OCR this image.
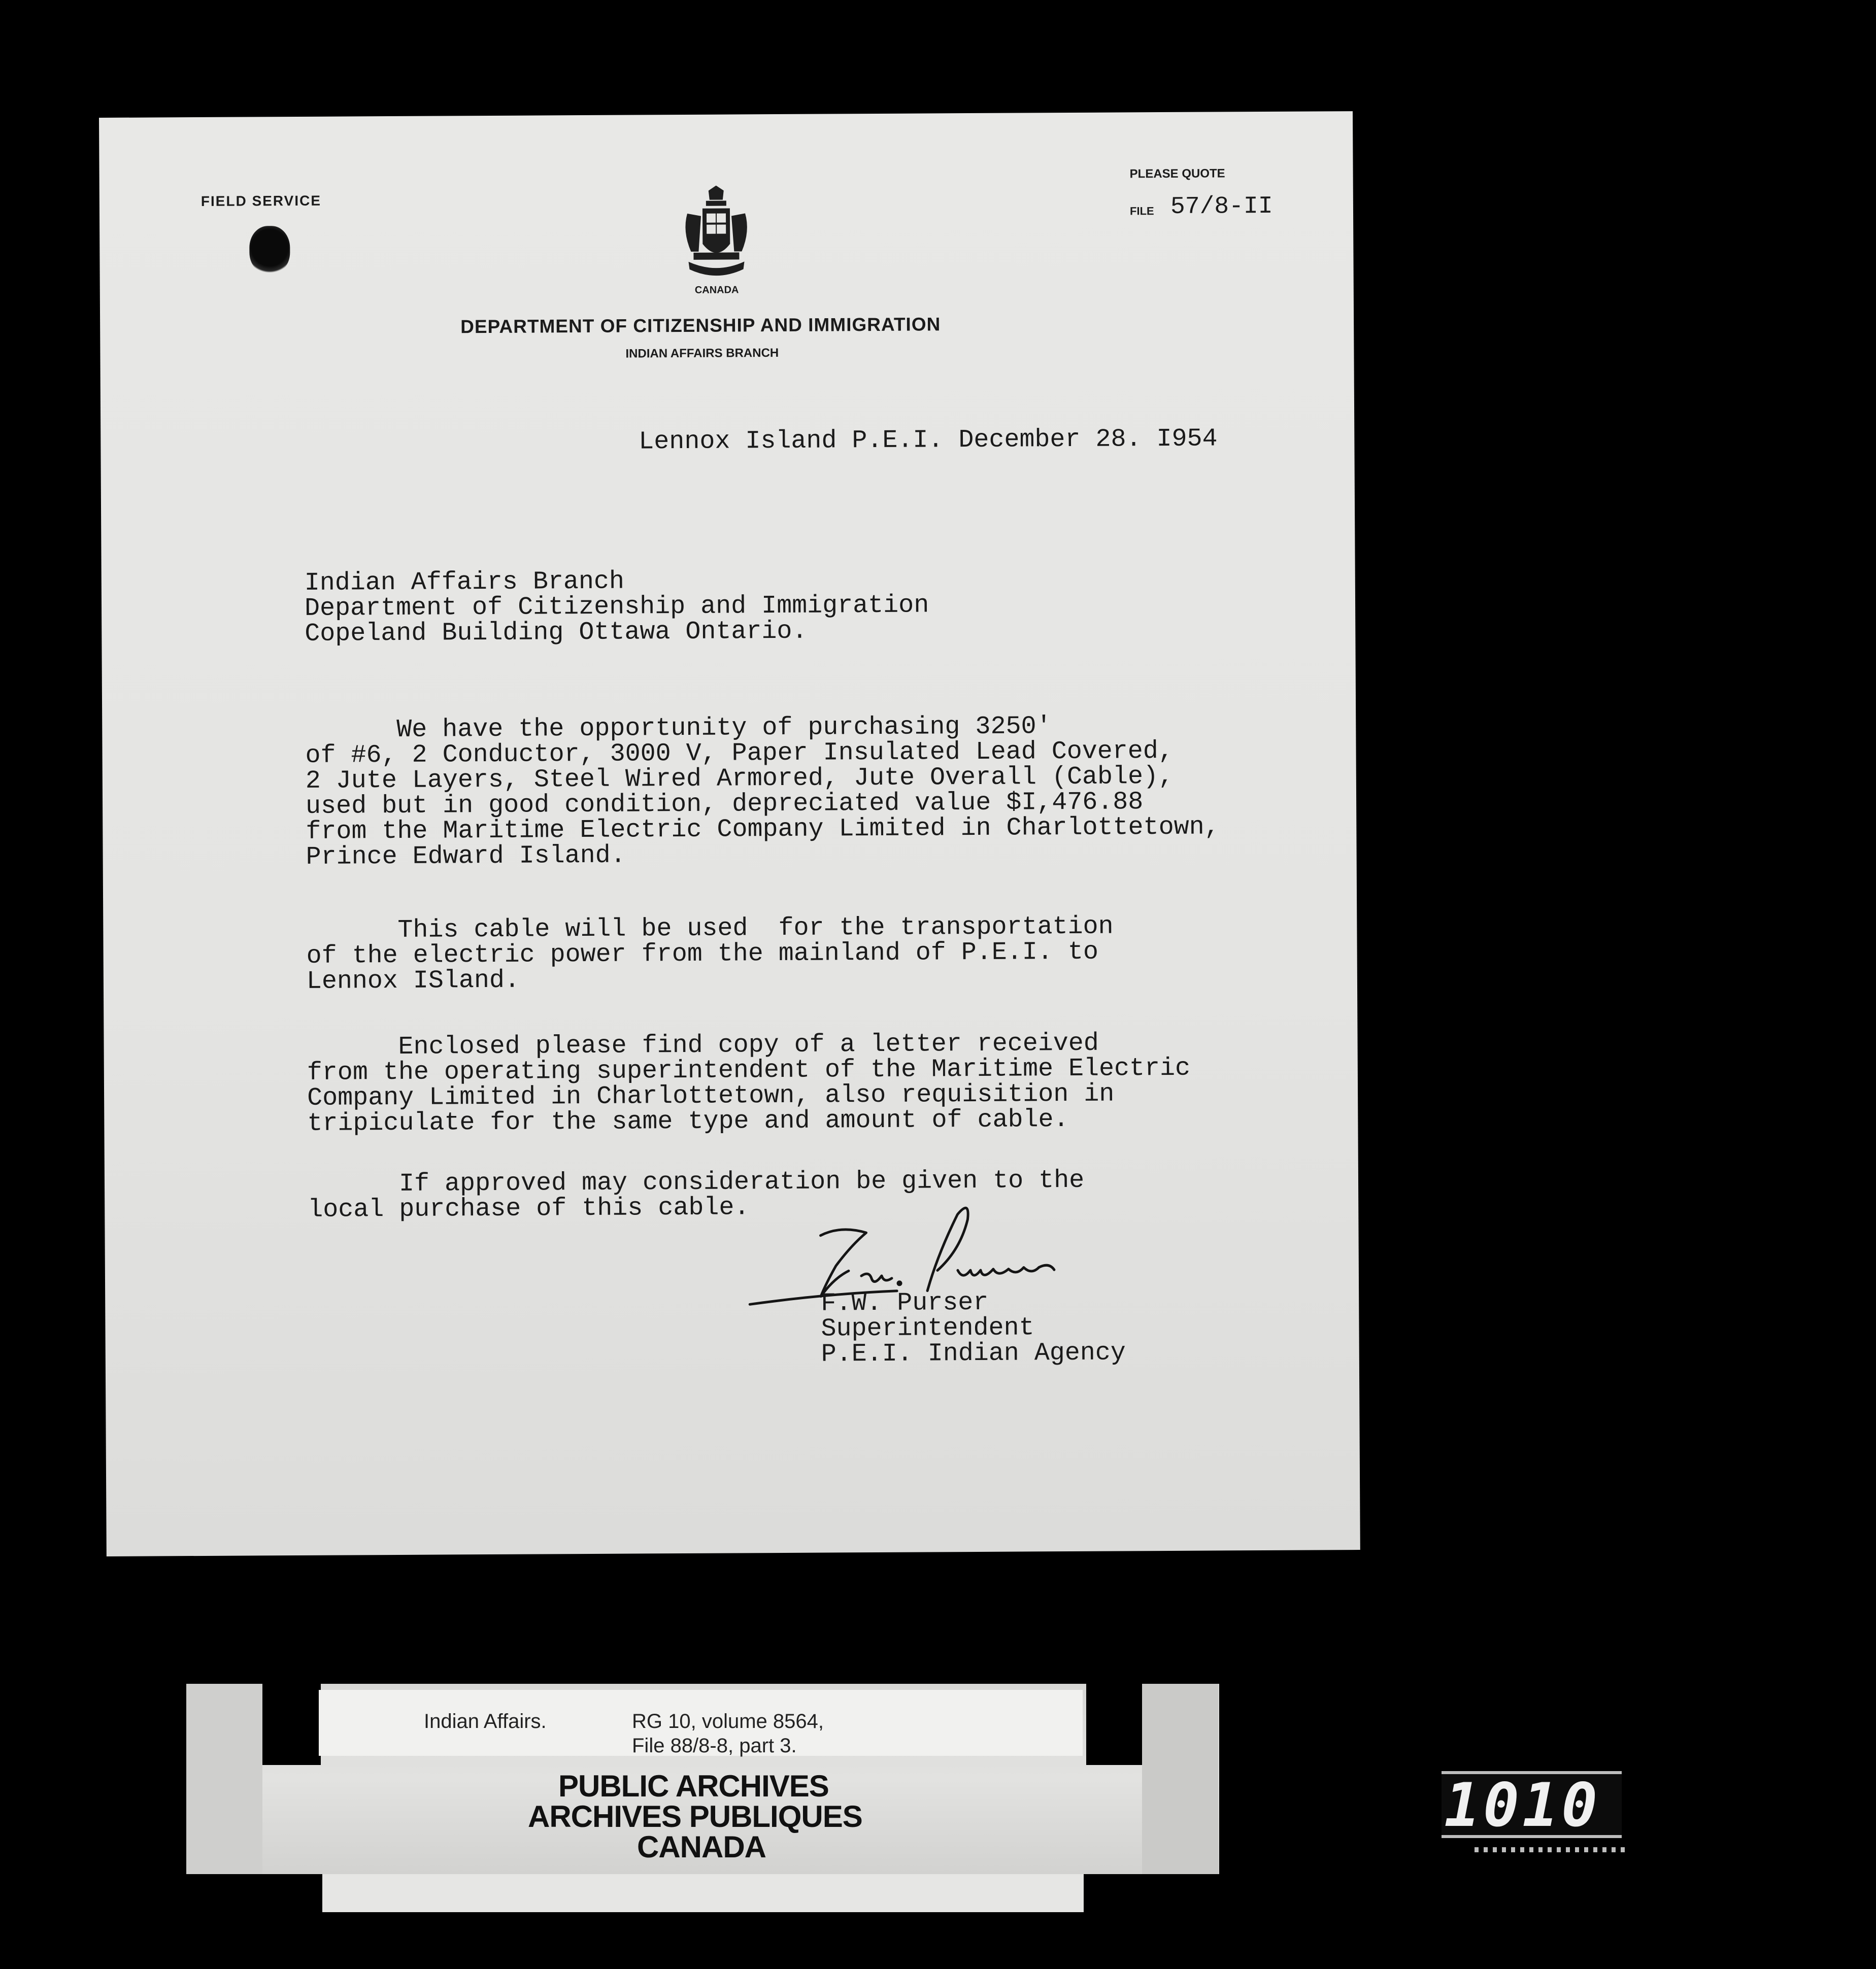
FIELD SERVICE
PLEASE QUOTE
FILE 57/8-II
CANADA
DEPARTMENT OF CITIZENSHIP AND IMMIGRATION
INDIAN AFFAIRS BRANCH
Lennox Island P.E.I. December 28. I954
Indian Affairs Branch
Department of Citizenship and Immigration
Copeland Building Ottawa Ontario.
We have the opportunity of purchasing 3250'
of #6, 2 Conductor, 3000 V, Paper Insulated Lead Covered,
2 Jute Layers, Steel Wired Armored, Jute Overall (Cable),
used but in good condition, depreciated value $I,476.88
from the Maritime Electric Company Limited in Charlottetown,
Prince Edward Island.
This cable will be used  for the transportation
of the electric power from the mainland of P.E.I. to
Lennox ISland.
Enclosed please find copy of a letter received
from the operating superintendent of the Maritime Electric
Company Limited in Charlottetown, also requisition in
tripiculate for the same type and amount of cable.
If approved may consideration be given to the
local purchase of this cable.
F.W. Purser
Superintendent
P.E.I. Indian Agency
Indian Affairs.	RG 10, volume 8564,
File 88/8-8, part 3.
PUBLIC ARCHIVES
ARCHIVES PUBLIQUES
CANADA
1010
